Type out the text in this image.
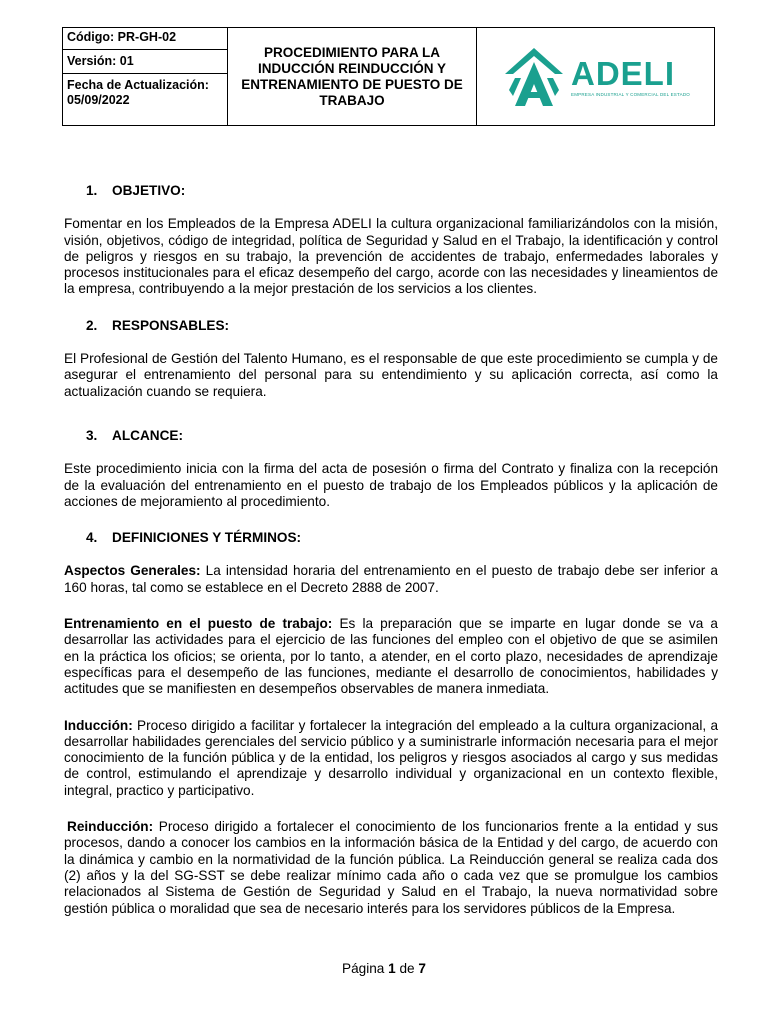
Código: PR-GH-02
Versión: 01
Fecha de Actualización:
05/09/2022
PROCEDIMIENTO PARA LA INDUCCIÓN REINDUCCIÓN Y ENTRENAMIENTO DE PUESTO DE TRABAJO
ADELI
EMPRESA INDUSTRIAL Y COMERCIAL DEL ESTADO
1. OBJETIVO:

Fomentar en los Empleados de la Empresa ADELI la cultura organizacional familiarizándolos con la misión, visión, objetivos, código de integridad, política de Seguridad y Salud en el Trabajo, la identificación y control de peligros y riesgos en su trabajo, la prevención de accidentes de trabajo, enfermedades laborales y procesos institucionales para el eficaz desempeño del cargo, acorde con las necesidades y lineamientos de la empresa, contribuyendo a la mejor prestación de los servicios a los clientes.

2. RESPONSABLES:

El Profesional de Gestión del Talento Humano, es el responsable de que este procedimiento se cumpla y de asegurar el entrenamiento del personal para su entendimiento y su aplicación correcta, así como la actualización cuando se requiera.

3. ALCANCE:

Este procedimiento inicia con la firma del acta de posesión o firma del Contrato y finaliza con la recepción de la evaluación del entrenamiento en el puesto de trabajo de los Empleados públicos y la aplicación de acciones de mejoramiento al procedimiento.

4. DEFINICIONES Y TÉRMINOS:

Aspectos Generales: La intensidad horaria del entrenamiento en el puesto de trabajo debe ser inferior a 160 horas, tal como se establece en el Decreto 2888 de 2007.

Entrenamiento en el puesto de trabajo: Es la preparación que se imparte en lugar donde se va a desarrollar las actividades para el ejercicio de las funciones del empleo con el objetivo de que se asimilen en la práctica los oficios; se orienta, por lo tanto, a atender, en el corto plazo, necesidades de aprendizaje específicas para el desempeño de las funciones, mediante el desarrollo de conocimientos, habilidades y actitudes que se manifiesten en desempeños observables de manera inmediata.

Inducción: Proceso dirigido a facilitar y fortalecer la integración del empleado a la cultura organizacional, a desarrollar habilidades gerenciales del servicio público y a suministrarle información necesaria para el mejor conocimiento de la función pública y de la entidad, los peligros y riesgos asociados al cargo y sus medidas de control, estimulando el aprendizaje y desarrollo individual y organizacional en un contexto flexible, integral, practico y participativo.

Reinducción: Proceso dirigido a fortalecer el conocimiento de los funcionarios frente a la entidad y sus procesos, dando a conocer los cambios en la información básica de la Entidad y del cargo, de acuerdo con la dinámica y cambio en la normatividad de la función pública. La Reinducción general se realiza cada dos (2) años y la del SG-SST se debe realizar mínimo cada año o cada vez que se promulgue los cambios relacionados al Sistema de Gestión de Seguridad y Salud en el Trabajo, la nueva normatividad sobre gestión pública o moralidad que sea de necesario interés para los servidores públicos de la Empresa.

Página 1 de 7
